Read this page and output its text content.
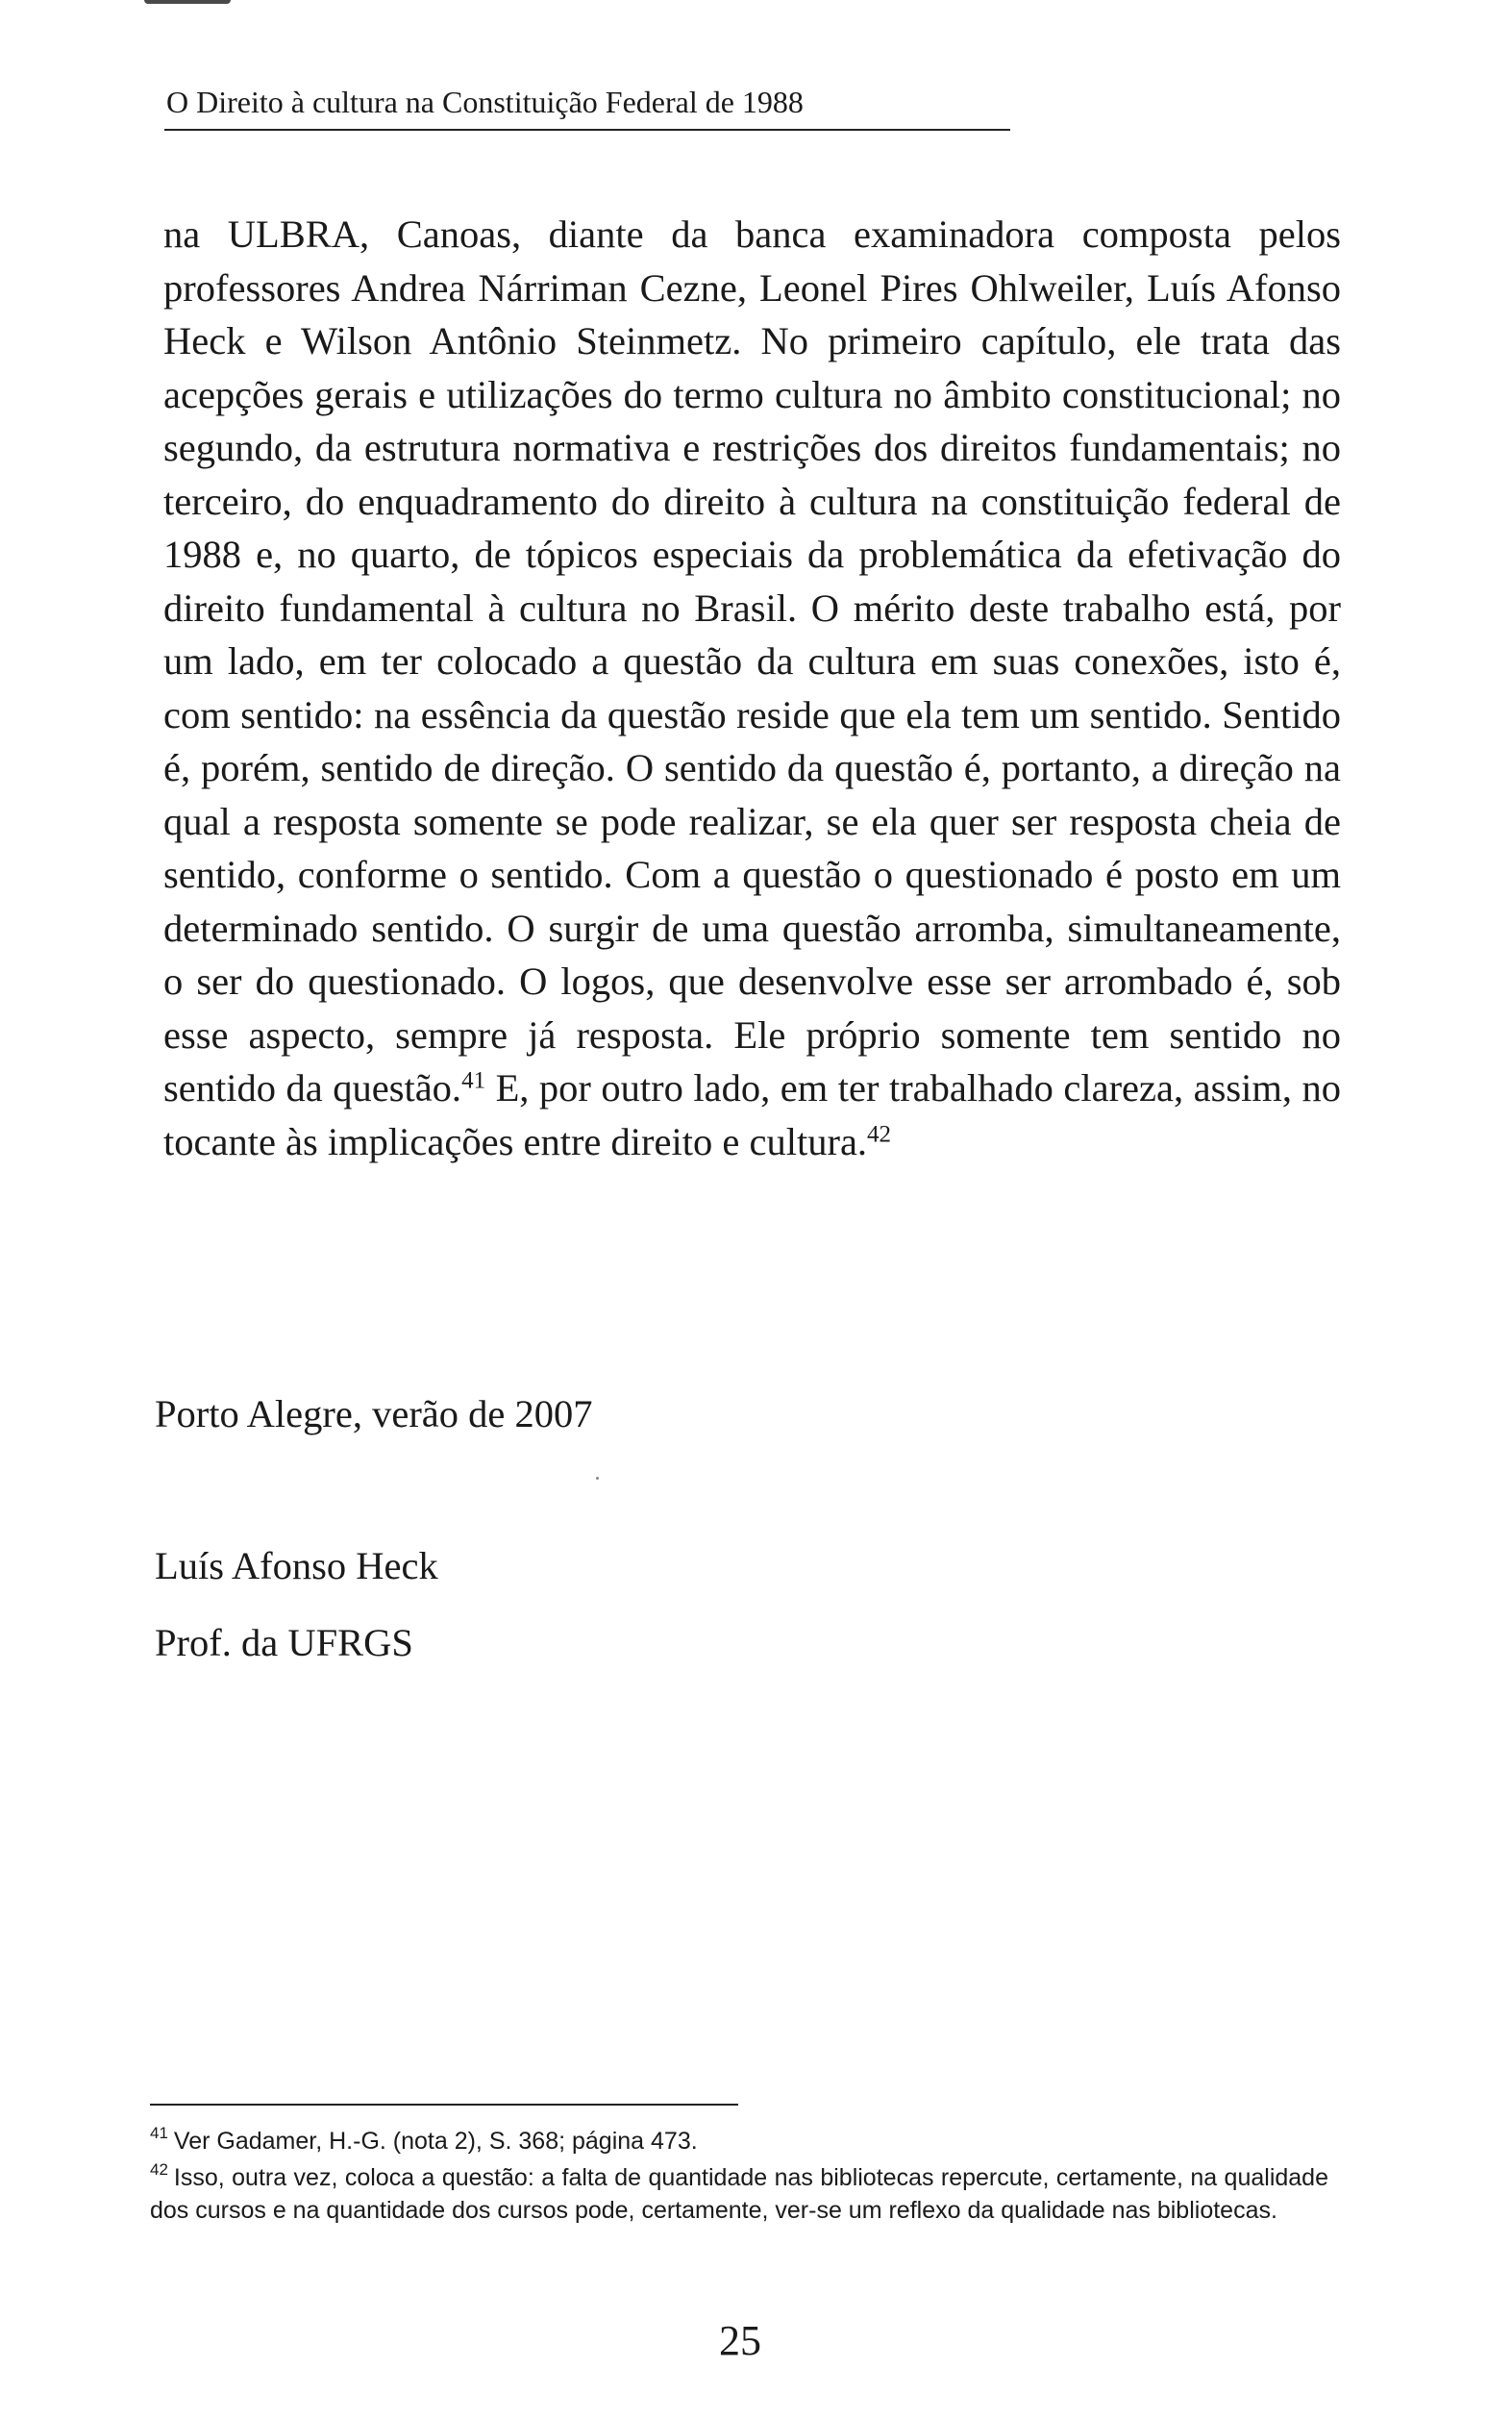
O Direito à cultura na Constituição Federal de 1988

na ULBRA, Canoas, diante da banca examinadora composta pelos professores Andrea Nárriman Cezne, Leonel Pires Ohlweiler, Luís Afonso Heck e Wilson Antônio Steinmetz. No primeiro capítulo, ele trata das acepções gerais e utilizações do termo cultura no âmbito constitucional; no segundo, da estrutura normativa e restrições dos direitos fundamentais; no terceiro, do enquadramento do direito à cultura na constituição federal de 1988 e, no quarto, de tópicos especiais da problemática da efetivação do direito fundamental à cultura no Brasil. O mérito deste trabalho está, por um lado, em ter colocado a questão da cultura em suas conexões, isto é, com sentido: na essência da questão reside que ela tem um sentido. Sentido é, porém, sentido de direção. O sentido da questão é, portanto, a direção na qual a resposta somente se pode realizar, se ela quer ser resposta cheia de sentido, conforme o sentido. Com a questão o questionado é posto em um determinado sentido. O surgir de uma questão arromba, simultaneamente, o ser do questionado. O logos, que desenvolve esse ser arrombado é, sob esse aspecto, sempre já resposta. Ele próprio somente tem sentido no sentido da questão.$^{41}$ E, por outro lado, em ter trabalhado clareza, assim, no tocante às implicações entre direito e cultura.$^{42}$

Porto Alegre, verão de 2007

Luís Afonso Heck

Prof. da UFRGS

$^{41}$ Ver Gadamer, H.-G. (nota 2), S. 368; página 473.

$^{42}$ Isso, outra vez, coloca a questão: a falta de quantidade nas bibliotecas repercute, certamente, na qualidade dos cursos e na quantidade dos cursos pode, certamente, ver-se um reflexo da qualidade nas bibliotecas.

25
